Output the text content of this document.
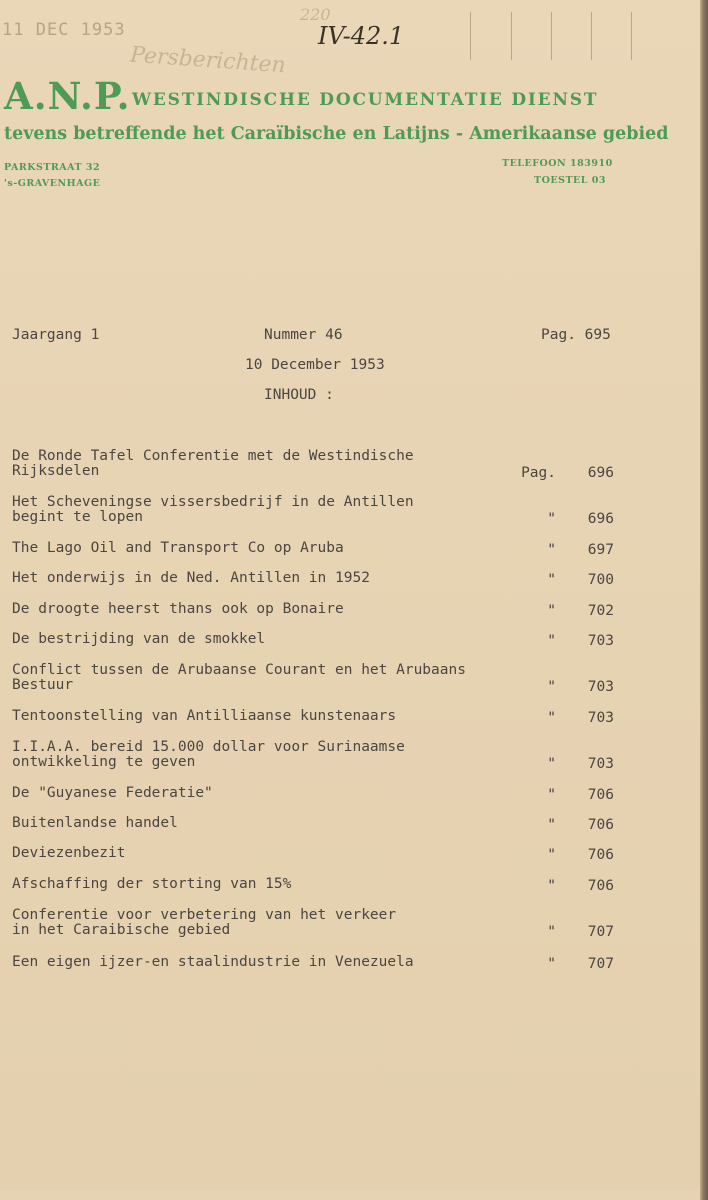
11 DEC 1953
220
Persberichten
IV-42.1
A.N.P. WESTINDISCHE DOCUMENTATIE DIENST
tevens betreffende het Caraïbische en Latijns - Amerikaanse gebied
PARKSTRAAT 32
's-GRAVENHAGE
TELEFOON 183910
TOESTEL 03
Jaargang 1	Nummer 46	Pag. 695
10 December 1953
INHOUD :
De Ronde Tafel Conferentie met de Westindische
Rijksdelen	Pag. 696
Het Scheveningse vissersbedrijf in de Antillen
begint te lopen	" 696
The Lago Oil and Transport Co op Aruba	" 697
Het onderwijs in de Ned. Antillen in 1952	" 700
De droogte heerst thans ook op Bonaire	" 702
De bestrijding van de smokkel	" 703
Conflict tussen de Arubaanse Courant en het Arubaans
Bestuur	" 703
Tentoonstelling van Antilliaanse kunstenaars	" 703
I.I.A.A. bereid 15.000 dollar voor Surinaamse
ontwikkeling te geven	" 703
De "Guyanese Federatie"	" 706
Buitenlandse handel	" 706
Deviezenbezit	" 706
Afschaffing der storting van 15%	" 706
Conferentie voor verbetering van het verkeer
in het Caraibische gebied	" 707
Een eigen ijzer-en staalindustrie in Venezuela	" 707
